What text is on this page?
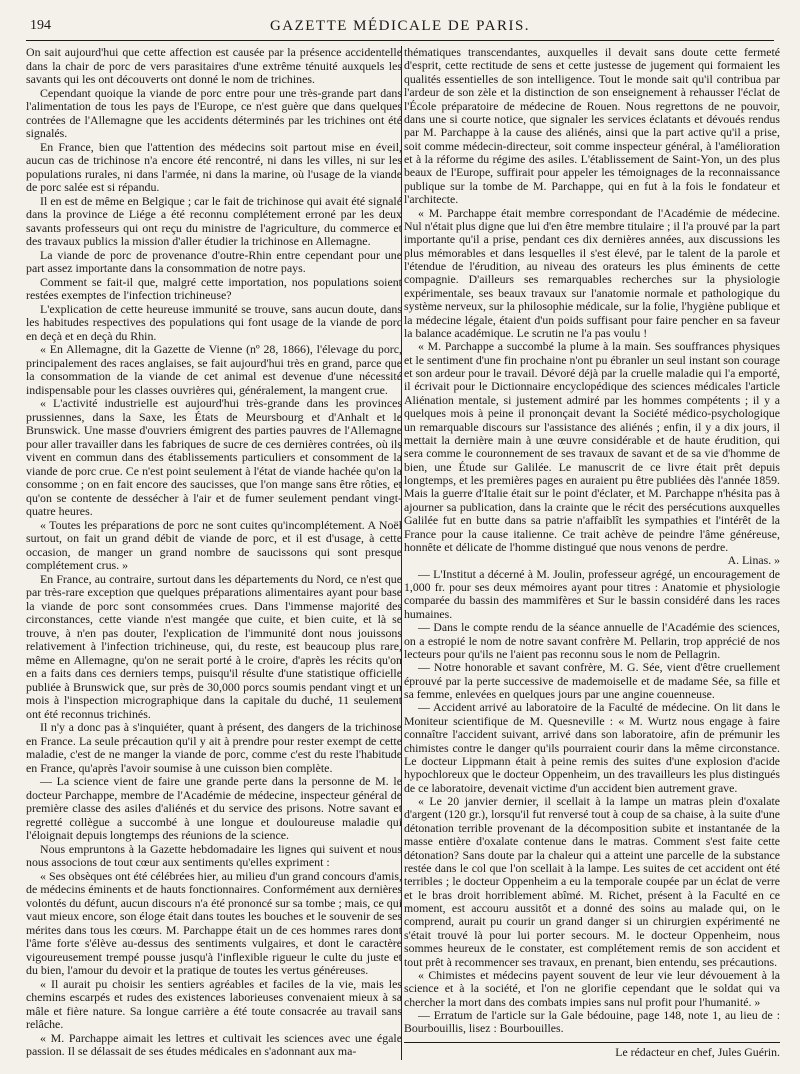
194	GAZETTE MÉDICALE DE PARIS.

On sait aujourd'hui que cette affection est causée par la présence accidentelle dans la chair de porc de vers parasitaires d'une extrême ténuité auxquels les savants qui les ont découverts ont donné le nom de trichines.

Cependant quoique la viande de porc entre pour une très-grande part dans l'alimentation de tous les pays de l'Europe, ce n'est guère que dans quelques contrées de l'Allemagne que les accidents déterminés par les trichines ont été signalés.

En France, bien que l'attention des médecins soit partout mise en éveil, aucun cas de trichinose n'a encore été rencontré, ni dans les villes, ni sur les populations rurales, ni dans l'armée, ni dans la marine, où l'usage de la viande de porc salée est si répandu.

Il en est de même en Belgique ; car le fait de trichinose qui avait été signalé dans la province de Liége a été reconnu complétement erroné par les deux savants professeurs qui ont reçu du ministre de l'agriculture, du commerce et des travaux publics la mission d'aller étudier la trichinose en Allemagne.

La viande de porc de provenance d'outre-Rhin entre cependant pour une part assez importante dans la consommation de notre pays.

Comment se fait-il que, malgré cette importation, nos populations soient restées exemptes de l'infection trichineuse?

L'explication de cette heureuse immunité se trouve, sans aucun doute, dans les habitudes respectives des populations qui font usage de la viande de porc en deçà et en deçà du Rhin.

« En Allemagne, dit la Gazette de Vienne (nº 28, 1866), l'élevage du porc, principalement des races anglaises, se fait aujourd'hui très en grand, parce que la consommation de la viande de cet animal est devenue d'une nécessité indispensable pour les classes ouvrières qui, généralement, la mangent crue.

« L'activité industrielle est aujourd'hui très-grande dans les provinces prussiennes, dans la Saxe, les États de Meursbourg et d'Anhalt et le Brunswick. Une masse d'ouvriers émigrent des parties pauvres de l'Allemagne pour aller travailler dans les fabriques de sucre de ces dernières contrées, où ils vivent en commun dans des établissements particuliers et consomment de la viande de porc crue. Ce n'est point seulement à l'état de viande hachée qu'on la consomme ; on en fait encore des saucisses, que l'on mange sans être rôties, et qu'on se contente de dessécher à l'air et de fumer seulement pendant vingt-quatre heures.

« Toutes les préparations de porc ne sont cuites qu'incomplétement. A Noël surtout, on fait un grand débit de viande de porc, et il est d'usage, à cette occasion, de manger un grand nombre de saucissons qui sont presque complétement crus. »

En France, au contraire, surtout dans les départements du Nord, ce n'est que par très-rare exception que quelques préparations alimentaires ayant pour base la viande de porc sont consommées crues. Dans l'immense majorité des circonstances, cette viande n'est mangée que cuite, et bien cuite, et là se trouve, à n'en pas douter, l'explication de l'immunité dont nous jouissons relativement à l'infection trichineuse, qui, du reste, est beaucoup plus rare, même en Allemagne, qu'on ne serait porté à le croire, d'après les récits qu'on en a faits dans ces derniers temps, puisqu'il résulte d'une statistique officielle publiée à Brunswick que, sur près de 30,000 porcs soumis pendant vingt et un mois à l'inspection micrographique dans la capitale du duché, 11 seulement ont été reconnus trichinés.

Il n'y a donc pas à s'inquiéter, quant à présent, des dangers de la trichinose en France. La seule précaution qu'il y ait à prendre pour rester exempt de cette maladie, c'est de ne manger la viande de porc, comme c'est du reste l'habitude en France, qu'après l'avoir soumise à une cuisson bien complète.

— La science vient de faire une grande perte dans la personne de M. le docteur Parchappe, membre de l'Académie de médecine, inspecteur général de première classe des asiles d'aliénés et du service des prisons. Notre savant et regretté collègue a succombé à une longue et douloureuse maladie qui l'éloignait depuis longtemps des réunions de la science.

Nous empruntons à la Gazette hebdomadaire les lignes qui suivent et nous nous associons de tout cœur aux sentiments qu'elles expriment :

« Ses obsèques ont été célébrées hier, au milieu d'un grand concours d'amis, de médecins éminents et de hauts fonctionnaires. Conformément aux dernières volontés du défunt, aucun discours n'a été prononcé sur sa tombe ; mais, ce qui vaut mieux encore, son éloge était dans toutes les bouches et le souvenir de ses mérites dans tous les cœurs. M. Parchappe était un de ces hommes rares dont l'âme forte s'élève au-dessus des sentiments vulgaires, et dont le caractère vigoureusement trempé pousse jusqu'à l'inflexible rigueur le culte du juste et du bien, l'amour du devoir et la pratique de toutes les vertus généreuses.

« Il aurait pu choisir les sentiers agréables et faciles de la vie, mais les chemins escarpés et rudes des existences laborieuses convenaient mieux à sa mâle et fière nature. Sa longue carrière a été toute consacrée au travail sans relâche.

« M. Parchappe aimait les lettres et cultivait les sciences avec une égale passion. Il se délassait de ses études médicales en s'adonnant aux ma-

thématiques transcendantes, auxquelles il devait sans doute cette fermeté d'esprit, cette rectitude de sens et cette justesse de jugement qui formaient les qualités essentielles de son intelligence. Tout le monde sait qu'il contribua par l'ardeur de son zèle et la distinction de son enseignement à rehausser l'éclat de l'École préparatoire de médecine de Rouen. Nous regrettons de ne pouvoir, dans une si courte notice, que signaler les services éclatants et dévoués rendus par M. Parchappe à la cause des aliénés, ainsi que la part active qu'il a prise, soit comme médecin-directeur, soit comme inspecteur général, à l'amélioration et à la réforme du régime des asiles. L'établissement de Saint-Yon, un des plus beaux de l'Europe, suffirait pour appeler les témoignages de la reconnaissance publique sur la tombe de M. Parchappe, qui en fut à la fois le fondateur et l'architecte.

« M. Parchappe était membre correspondant de l'Académie de médecine. Nul n'était plus digne que lui d'en être membre titulaire ; il l'a prouvé par la part importante qu'il a prise, pendant ces dix dernières années, aux discussions les plus mémorables et dans lesquelles il s'est élevé, par le talent de la parole et l'étendue de l'érudition, au niveau des orateurs les plus éminents de cette compagnie. D'ailleurs ses remarquables recherches sur la physiologie expérimentale, ses beaux travaux sur l'anatomie normale et pathologique du système nerveux, sur la philosophie médicale, sur la folie, l'hygiène publique et la médecine légale, étaient d'un poids suffisant pour faire pencher en sa faveur la balance académique. Le scrutin ne l'a pas voulu !

« M. Parchappe a succombé la plume à la main. Ses souffrances physiques et le sentiment d'une fin prochaine n'ont pu ébranler un seul instant son courage et son ardeur pour le travail. Dévoré déjà par la cruelle maladie qui l'a emporté, il écrivait pour le Dictionnaire encyclopédique des sciences médicales l'article Aliénation mentale, si justement admiré par les hommes compétents ; il y a quelques mois à peine il prononçait devant la Société médico-psychologique un remarquable discours sur l'assistance des aliénés ; enfin, il y a dix jours, il mettait la dernière main à une œuvre considérable et de haute érudition, qui sera comme le couronnement de ses travaux de savant et de sa vie d'homme de bien, une Étude sur Galilée. Le manuscrit de ce livre était prêt depuis longtemps, et les premières pages en auraient pu être publiées dès l'année 1859. Mais la guerre d'Italie était sur le point d'éclater, et M. Parchappe n'hésita pas à ajourner sa publication, dans la crainte que le récit des persécutions auxquelles Galilée fut en butte dans sa patrie n'affaiblît les sympathies et l'intérêt de la France pour la cause italienne. Ce trait achève de peindre l'âme généreuse, honnête et délicate de l'homme distingué que nous venons de perdre.

A. Linas. »

— L'Institut a décerné à M. Joulin, professeur agrégé, un encouragement de 1,000 fr. pour ses deux mémoires ayant pour titres : Anatomie et physiologie comparée du bassin des mammifères et Sur le bassin considéré dans les races humaines.

— Dans le compte rendu de la séance annuelle de l'Académie des sciences, on a estropié le nom de notre savant confrère M. Pellarin, trop apprécié de nos lecteurs pour qu'ils ne l'aient pas reconnu sous le nom de Pellagrin.

— Notre honorable et savant confrère, M. G. Sée, vient d'être cruellement éprouvé par la perte successive de mademoiselle et de madame Sée, sa fille et sa femme, enlevées en quelques jours par une angine couenneuse.

— Accident arrivé au laboratoire de la Faculté de médecine. On lit dans le Moniteur scientifique de M. Quesneville : « M. Wurtz nous engage à faire connaître l'accident suivant, arrivé dans son laboratoire, afin de prémunir les chimistes contre le danger qu'ils pourraient courir dans la même circonstance. Le docteur Lippmann était à peine remis des suites d'une explosion d'acide hypochloreux que le docteur Oppenheim, un des travailleurs les plus distingués de ce laboratoire, devenait victime d'un accident bien autrement grave.

« Le 20 janvier dernier, il scellait à la lampe un matras plein d'oxalate d'argent (120 gr.), lorsqu'il fut renversé tout à coup de sa chaise, à la suite d'une détonation terrible provenant de la décomposition subite et instantanée de la masse entière d'oxalate contenue dans le matras. Comment s'est faite cette détonation? Sans doute par la chaleur qui a atteint une parcelle de la substance restée dans le col que l'on scellait à la lampe. Les suites de cet accident ont été terribles ; le docteur Oppenheim a eu la temporale coupée par un éclat de verre et le bras droit horriblement abîmé. M. Richet, présent à la Faculté en ce moment, est accouru aussitôt et a donné des soins au malade qui, on le comprend, aurait pu courir un grand danger si un chirurgien expérimenté ne s'était trouvé là pour lui porter secours. M. le docteur Oppenheim, nous sommes heureux de le constater, est complétement remis de son accident et tout prêt à recommencer ses travaux, en prenant, bien entendu, ses précautions.

« Chimistes et médecins payent souvent de leur vie leur dévouement à la science et à la société, et l'on ne glorifie cependant que le soldat qui va chercher la mort dans des combats impies sans nul profit pour l'humanité. »

— Erratum de l'article sur la Gale bédouine, page 148, note 1, au lieu de : Bourbouillis, lisez : Bourbouilles.

Le rédacteur en chef, Jules Guérin.
